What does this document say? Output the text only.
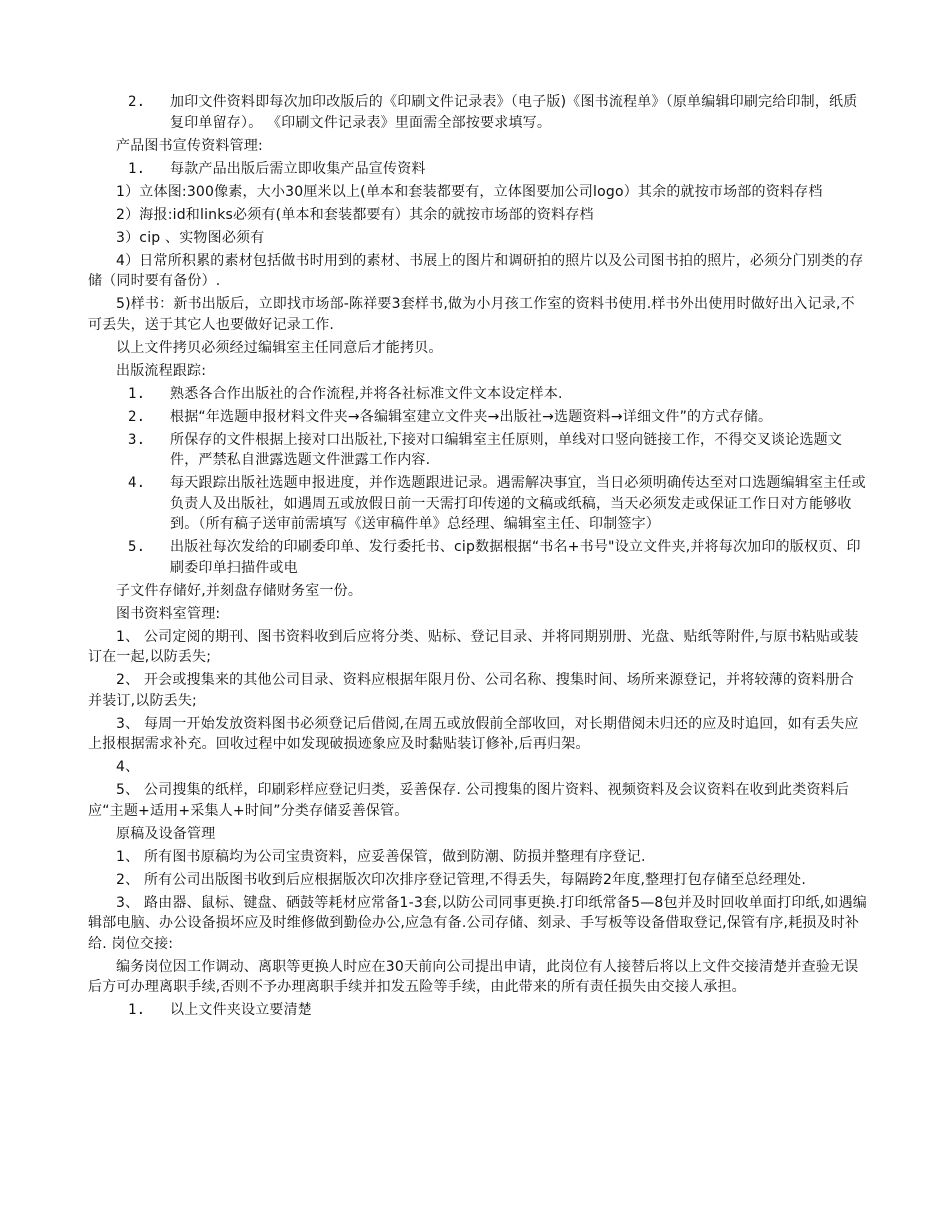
2.	加印文件资料即每次加印改版后的《印刷文件记录表》（电子版)《图书流程单》（原单编辑印刷完给印制，纸质复印单留存）。 《印刷文件记录表》里面需全部按要求填写。
产品图书宣传资料管理:
1.	每款产品出版后需立即收集产品宣传资料
1）立体图:300像素，大小30厘米以上(单本和套装都要有，立体图要加公司logo）其余的就按市场部的资料存档
2）海报:id和links必须有(单本和套装都要有）其余的就按市场部的资料存档
3）cip 、实物图必须有
4）日常所积累的素材包括做书时用到的素材、书展上的图片和调研拍的照片以及公司图书拍的照片，必须分门别类的存储（同时要有备份）.
5)样书：新书出版后，立即找市场部-陈祥要3套样书,做为小月孩工作室的资料书使用.样书外出使用时做好出入记录,不可丢失，送于其它人也要做好记录工作.
以上文件拷贝必须经过编辑室主任同意后才能拷贝。
出版流程跟踪:
1.	熟悉各合作出版社的合作流程,并将各社标准文件文本设定样本.
2.	根据“年选题申报材料文件夹→各编辑室建立文件夹→出版社→选题资料→详细文件”的方式存储。
3.	所保存的文件根据上接对口出版社,下接对口编辑室主任原则，单线对口竖向链接工作，不得交叉谈论选题文件，严禁私自泄露选题文件泄露工作内容.
4.	每天跟踪出版社选题申报进度，并作选题跟进记录。遇需解决事宜，当日必须明确传达至对口选题编辑室主任或负责人及出版社，如遇周五或放假日前一天需打印传递的文稿或纸稿，当天必须发走或保证工作日对方能够收到。（所有稿子送审前需填写《送审稿件单》总经理、编辑室主任、印制签字）
5.	出版社每次发给的印刷委印单、发行委托书、cip数据根据“书名+书号"设立文件夹,并将每次加印的版权页、印刷委印单扫描件或电
子文件存储好,并刻盘存储财务室一份。
图书资料室管理:
1、 公司定阅的期刊、图书资料收到后应将分类、贴标、登记目录、并将同期别册、光盘、贴纸等附件,与原书粘贴或装订在一起,以防丢失;
2、 开会或搜集来的其他公司目录、资料应根据年限月份、公司名称、搜集时间、场所来源登记，并将较薄的资料册合并装订,以防丢失;
3、 每周一开始发放资料图书必须登记后借阅,在周五或放假前全部收回，对长期借阅未归还的应及时追回，如有丢失应上报根据需求补充。回收过程中如发现破损迹象应及时黏贴装订修补,后再归架。
4、
5、 公司搜集的纸样，印刷彩样应登记归类，妥善保存. 公司搜集的图片资料、视频资料及会议资料在收到此类资料后应“主题+适用+采集人+时间”分类存储妥善保管。
原稿及设备管理
1、 所有图书原稿均为公司宝贵资料，应妥善保管，做到防潮、防损并整理有序登记.
2、 所有公司出版图书收到后应根据版次印次排序登记管理,不得丢失，每隔跨2年度,整理打包存储至总经理处.
3、 路由器、鼠标、键盘、硒鼓等耗材应常备1-3套,以防公司同事更换.打印纸常备5—8包并及时回收单面打印纸,如遇编辑部电脑、办公设备损坏应及时维修做到勤俭办公,应急有备.公司存储、刻录、手写板等设备借取登记,保管有序,耗损及时补给. 岗位交接:
编务岗位因工作调动、离职等更换人时应在30天前向公司提出申请，此岗位有人接替后将以上文件交接清楚并查验无误后方可办理离职手续,否则不予办理离职手续并扣发五险等手续，由此带来的所有责任损失由交接人承担。
1.	以上文件夹设立要清楚
